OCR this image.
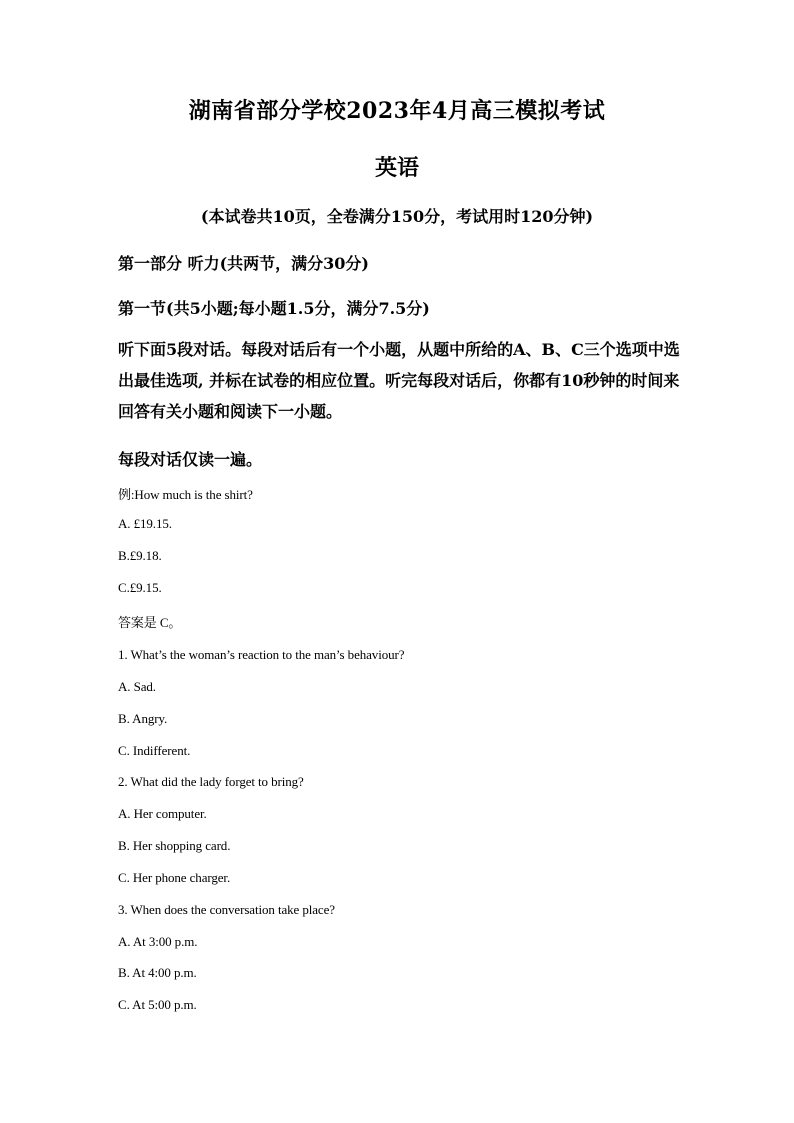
湖南省部分学校2023年4月高三模拟考试
英语
(本试卷共10页，全卷满分150分，考试用时120分钟)
第一部分 听力(共两节，满分30分)
第一节(共5小题;每小题1.5分，满分7.5分)
听下面5段对话。每段对话后有一个小题，从题中所给的A、B、C三个选项中选出最佳选项, 并标在试卷的相应位置。听完每段对话后，你都有10秒钟的时间来回答有关小题和阅读下一小题。
每段对话仅读一遍。
例:How much is the shirt?
A. £19.15.
B.£9.18.
C.£9.15.
答案是 C。
1. What’s the woman’s reaction to the man’s behaviour?
A. Sad.
B. Angry.
C. Indifferent.
2. What did the lady forget to bring?
A. Her computer.
B. Her shopping card.
C. Her phone charger.
3. When does the conversation take place?
A. At 3:00 p.m.
B. At 4:00 p.m.
C. At 5:00 p.m.
